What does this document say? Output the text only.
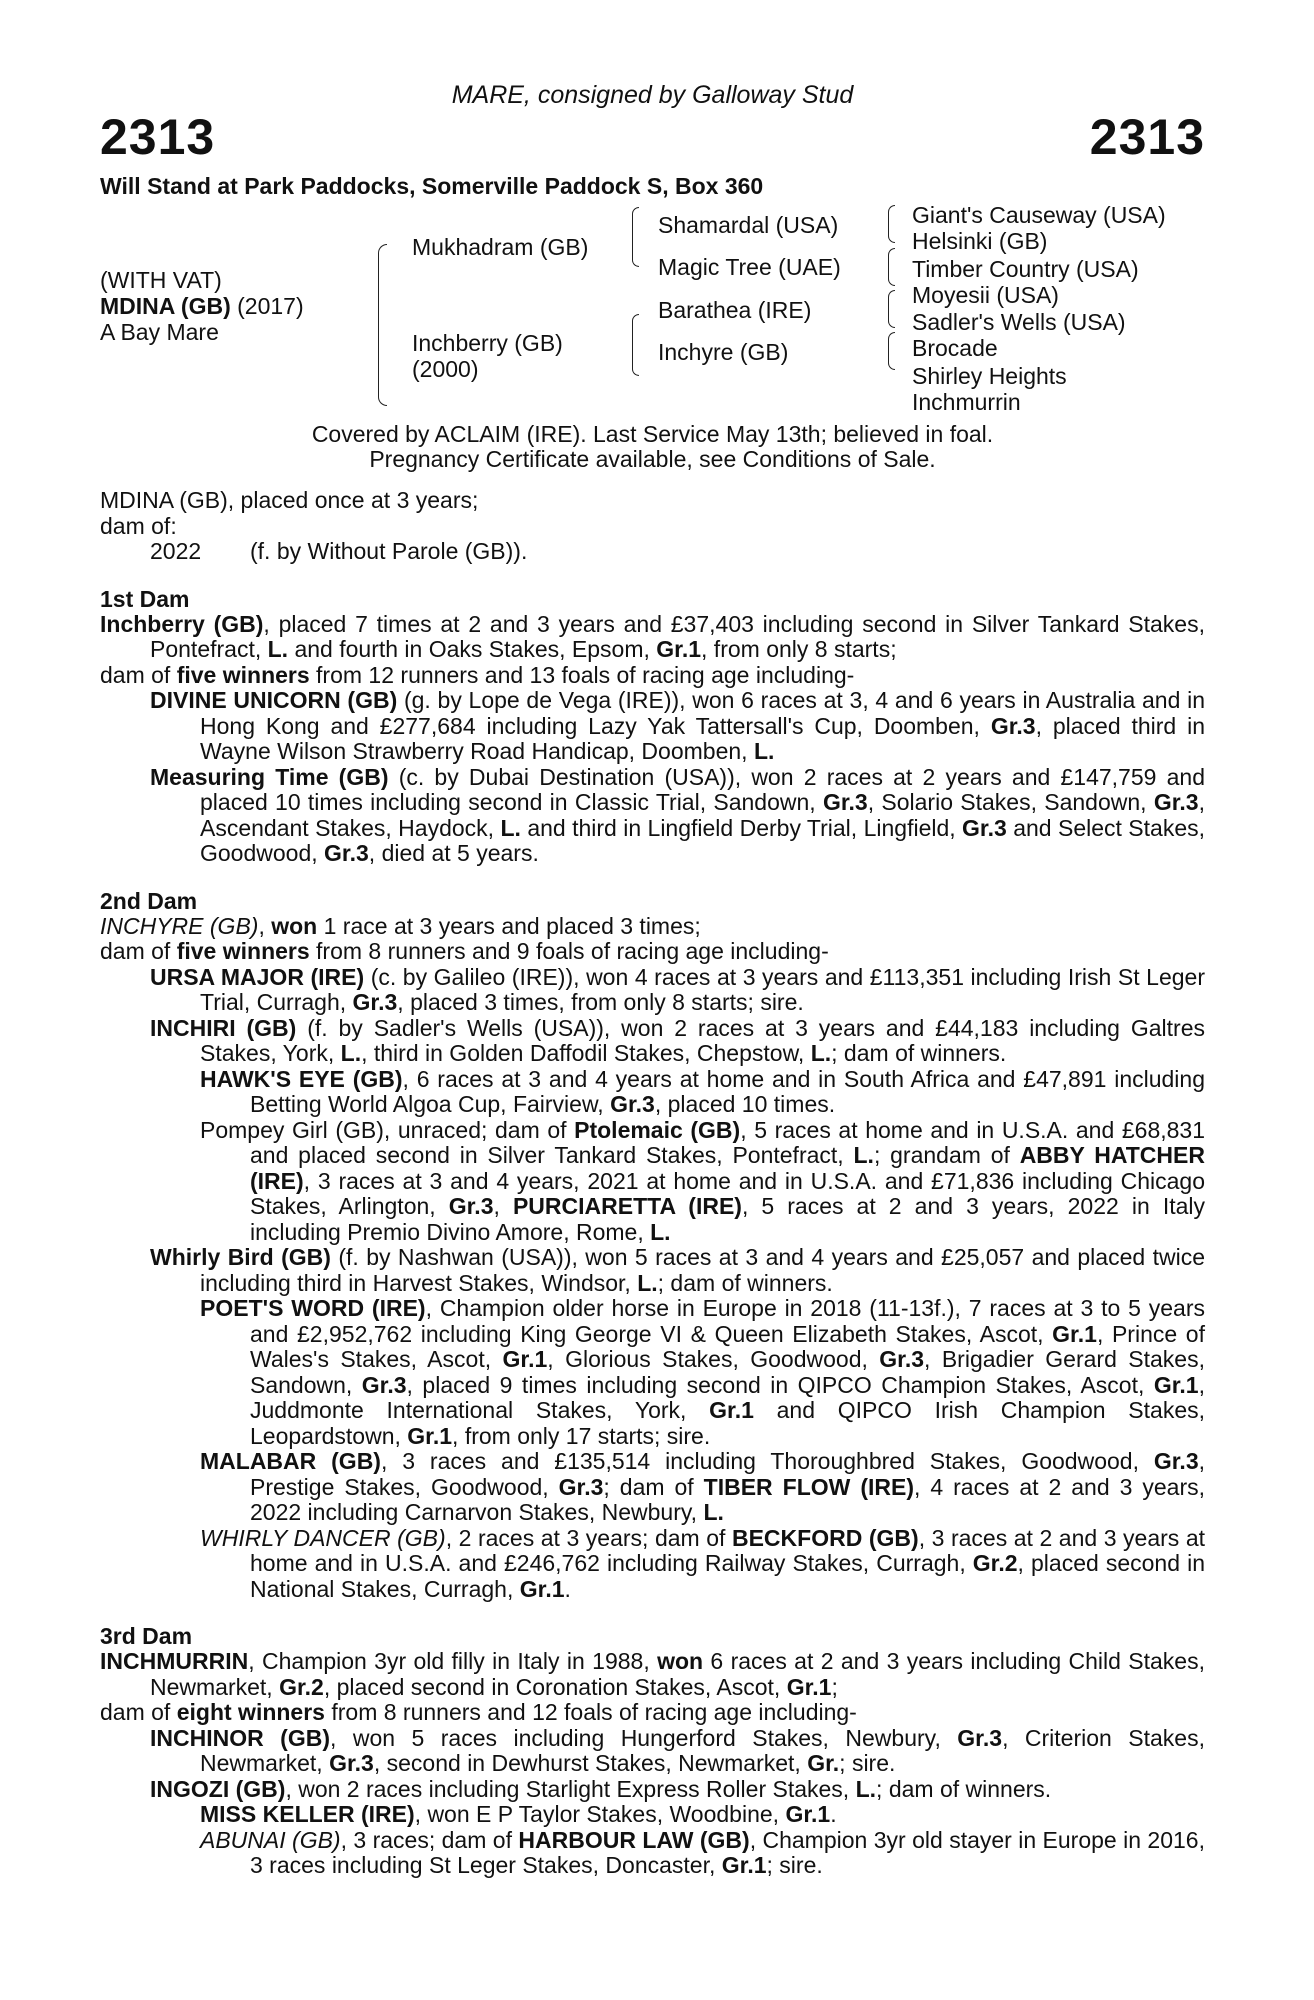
MARE, consigned by Galloway Stud
2313	2313
Will Stand at Park Paddocks, Somerville Paddock S, Box 360
(WITH VAT)
MDINA (GB) (2017)
A Bay Mare
Mukhadram (GB)
Inchberry (GB)
(2000)
Shamardal (USA)
Magic Tree (UAE)
Barathea (IRE)
Inchyre (GB)
Giant's Causeway (USA)
Helsinki (GB)
Timber Country (USA)
Moyesii (USA)
Sadler's Wells (USA)
Brocade
Shirley Heights
Inchmurrin
Covered by ACLAIM (IRE). Last Service May 13th; believed in foal.
Pregnancy Certificate available, see Conditions of Sale.

MDINA (GB), placed once at 3 years;

dam of:

2022 (f. by Without Parole (GB)).

1st Dam

Inchberry (GB), placed 7 times at 2 and 3 years and £37,403 including second in Silver Tankard Stakes, Pontefract, L. and fourth in Oaks Stakes, Epsom, Gr.1, from only 8 starts;

dam of five winners from 12 runners and 13 foals of racing age including-

DIVINE UNICORN (GB) (g. by Lope de Vega (IRE)), won 6 races at 3, 4 and 6 years in Australia and in Hong Kong and £277,684 including Lazy Yak Tattersall's Cup, Doomben, Gr.3, placed third in Wayne Wilson Strawberry Road Handicap, Doomben, L.

Measuring Time (GB) (c. by Dubai Destination (USA)), won 2 races at 2 years and £147,759 and placed 10 times including second in Classic Trial, Sandown, Gr.3, Solario Stakes, Sandown, Gr.3, Ascendant Stakes, Haydock, L. and third in Lingfield Derby Trial, Lingfield, Gr.3 and Select Stakes, Goodwood, Gr.3, died at 5 years.

2nd Dam

INCHYRE (GB), won 1 race at 3 years and placed 3 times;

dam of five winners from 8 runners and 9 foals of racing age including-

URSA MAJOR (IRE) (c. by Galileo (IRE)), won 4 races at 3 years and £113,351 including Irish St Leger Trial, Curragh, Gr.3, placed 3 times, from only 8 starts; sire.

INCHIRI (GB) (f. by Sadler's Wells (USA)), won 2 races at 3 years and £44,183 including Galtres Stakes, York, L., third in Golden Daffodil Stakes, Chepstow, L.; dam of winners.

HAWK'S EYE (GB), 6 races at 3 and 4 years at home and in South Africa and £47,891 including Betting World Algoa Cup, Fairview, Gr.3, placed 10 times.

Pompey Girl (GB), unraced; dam of Ptolemaic (GB), 5 races at home and in U.S.A. and £68,831 and placed second in Silver Tankard Stakes, Pontefract, L.; grandam of ABBY HATCHER (IRE), 3 races at 3 and 4 years, 2021 at home and in U.S.A. and £71,836 including Chicago Stakes, Arlington, Gr.3, PURCIARETTA (IRE), 5 races at 2 and 3 years, 2022 in Italy including Premio Divino Amore, Rome, L.

Whirly Bird (GB) (f. by Nashwan (USA)), won 5 races at 3 and 4 years and £25,057 and placed twice including third in Harvest Stakes, Windsor, L.; dam of winners.

POET'S WORD (IRE), Champion older horse in Europe in 2018 (11-13f.), 7 races at 3 to 5 years and £2,952,762 including King George VI & Queen Elizabeth Stakes, Ascot, Gr.1, Prince of Wales's Stakes, Ascot, Gr.1, Glorious Stakes, Goodwood, Gr.3, Brigadier Gerard Stakes, Sandown, Gr.3, placed 9 times including second in QIPCO Champion Stakes, Ascot, Gr.1, Juddmonte International Stakes, York, Gr.1 and QIPCO Irish Champion Stakes, Leopardstown, Gr.1, from only 17 starts; sire.

MALABAR (GB), 3 races and £135,514 including Thoroughbred Stakes, Goodwood, Gr.3, Prestige Stakes, Goodwood, Gr.3; dam of TIBER FLOW (IRE), 4 races at 2 and 3 years, 2022 including Carnarvon Stakes, Newbury, L.

WHIRLY DANCER (GB), 2 races at 3 years; dam of BECKFORD (GB), 3 races at 2 and 3 years at home and in U.S.A. and £246,762 including Railway Stakes, Curragh, Gr.2, placed second in National Stakes, Curragh, Gr.1.

3rd Dam

INCHMURRIN, Champion 3yr old filly in Italy in 1988, won 6 races at 2 and 3 years including Child Stakes, Newmarket, Gr.2, placed second in Coronation Stakes, Ascot, Gr.1;

dam of eight winners from 8 runners and 12 foals of racing age including-

INCHINOR (GB), won 5 races including Hungerford Stakes, Newbury, Gr.3, Criterion Stakes, Newmarket, Gr.3, second in Dewhurst Stakes, Newmarket, Gr.; sire.

INGOZI (GB), won 2 races including Starlight Express Roller Stakes, L.; dam of winners.

MISS KELLER (IRE), won E P Taylor Stakes, Woodbine, Gr.1.

ABUNAI (GB), 3 races; dam of HARBOUR LAW (GB), Champion 3yr old stayer in Europe in 2016, 3 races including St Leger Stakes, Doncaster, Gr.1; sire.
